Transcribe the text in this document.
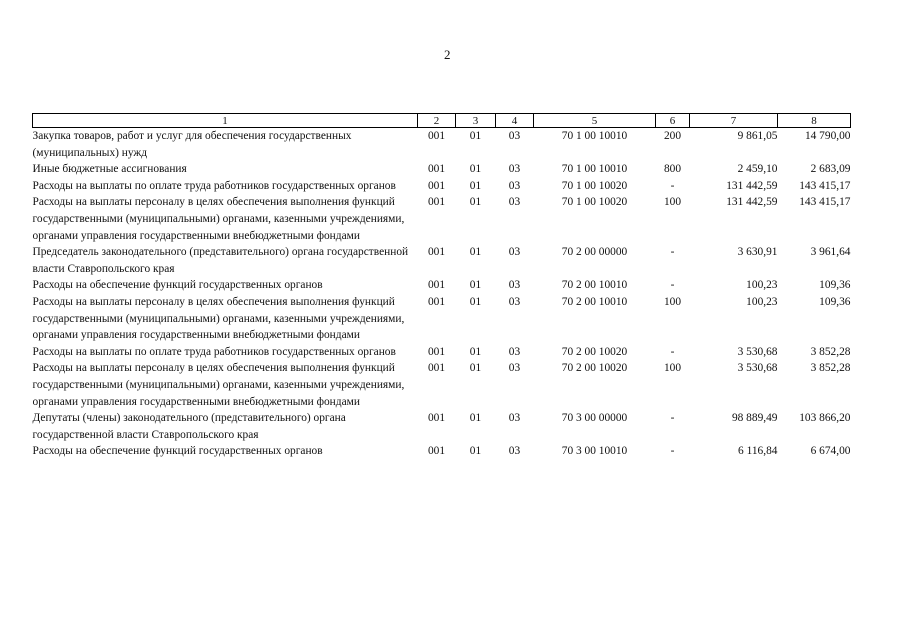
2
1	2	3	4	5	6	7	8
Закупка товаров, работ и услуг для обеспечения государственных (муниципальных) нужд	001	01	03	70 1 00 10010	200	9 861,05	14 790,00
Иные бюджетные ассигнования	001	01	03	70 1 00 10010	800	2 459,10	2 683,09
Расходы на выплаты по оплате труда работников государственных органов	001	01	03	70 1 00 10020	-	131 442,59	143 415,17
Расходы на выплаты персоналу в целях обеспечения выполнения функций государственными (муниципальными) органами, казенными учреждениями, органами управления государственными внебюджетными фондами	001	01	03	70 1 00 10020	100	131 442,59	143 415,17
Председатель законодательного (представительного) органа государственной власти Ставропольского края	001	01	03	70 2 00 00000	-	3 630,91	3 961,64
Расходы на обеспечение функций государственных органов	001	01	03	70 2 00 10010	-	100,23	109,36
Расходы на выплаты персоналу в целях обеспечения выполнения функций государственными (муниципальными) органами, казенными учреждениями, органами управления государственными внебюджетными фондами	001	01	03	70 2 00 10010	100	100,23	109,36
Расходы на выплаты по оплате труда работников государственных органов	001	01	03	70 2 00 10020	-	3 530,68	3 852,28
Расходы на выплаты персоналу в целях обеспечения выполнения функций государственными (муниципальными) органами, казенными учреждениями, органами управления государственными внебюджетными фондами	001	01	03	70 2 00 10020	100	3 530,68	3 852,28
Депутаты (члены) законодательного (представительного) органа государственной власти Ставропольского края	001	01	03	70 3 00 00000	-	98 889,49	103 866,20
Расходы на обеспечение функций государственных органов	001	01	03	70 3 00 10010	-	6 116,84	6 674,00
